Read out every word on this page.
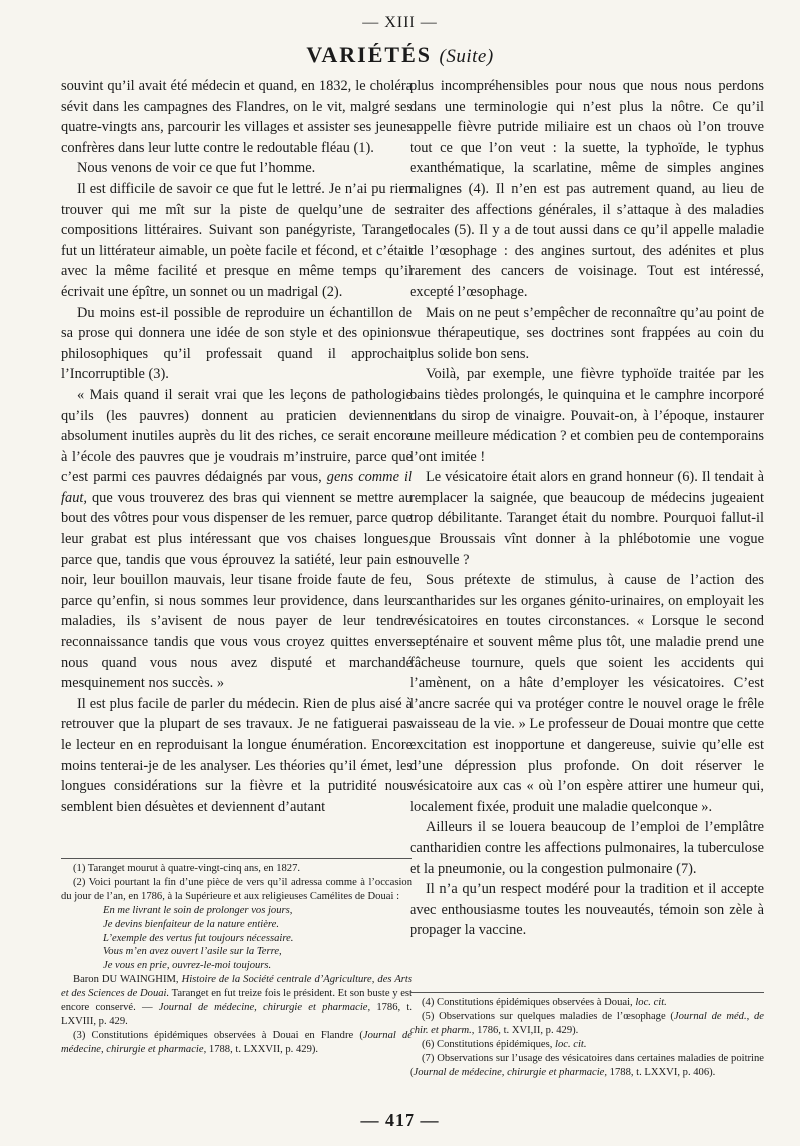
— XIII —
VARIÉTÉS (Suite)

souvint qu’il avait été médecin et quand, en 1832, le choléra sévit dans les campagnes des Flandres, on le vit, malgré ses quatre-vingts ans, parcourir les villages et assister ses jeunes confrères dans leur lutte contre le redoutable fléau (1).

Nous venons de voir ce que fut l’homme.

Il est difficile de savoir ce que fut le lettré. Je n’ai pu rien trouver qui me mît sur la piste de quelqu’une de ses compositions littéraires. Suivant son panégyriste, Taranget fut un littérateur aimable, un poète facile et fécond, et c’était avec la même facilité et presque en même temps qu’il écrivait une épître, un sonnet ou un madrigal (2).

Du moins est-il possible de reproduire un échantillon de sa prose qui donnera une idée de son style et des opinions philosophiques qu’il professait quand il approchait l’Incorruptible (3).

« Mais quand il serait vrai que les leçons de pathologie qu’ils (les pauvres) donnent au praticien deviennent absolument inutiles auprès du lit des riches, ce serait encore à l’école des pauvres que je voudrais m’instruire, parce que c’est parmi ces pauvres dédaignés par vous, gens comme il faut, que vous trouverez des bras qui viennent se mettre au bout des vôtres pour vous dispenser de les remuer, parce que leur grabat est plus intéressant que vos chaises longues, parce que, tandis que vous éprouvez la satiété, leur pain est noir, leur bouillon mauvais, leur tisane froide faute de feu, parce qu’enfin, si nous sommes leur providence, dans leurs maladies, ils s’avisent de nous payer de leur tendre reconnaissance tandis que vous vous croyez quittes envers nous quand vous nous avez disputé et marchandé mesquinement nos succès. »

Il est plus facile de parler du médecin. Rien de plus aisé à retrouver que la plupart de ses travaux. Je ne fatiguerai pas le lecteur en en reproduisant la longue énumération. Encore moins tenterai-je de les analyser. Les théories qu’il émet, les longues considérations sur la fièvre et la putridité nous semblent bien désuètes et deviennent d’autant

plus incompréhensibles pour nous que nous nous perdons dans une terminologie qui n’est plus la nôtre. Ce qu’il appelle fièvre putride miliaire est un chaos où l’on trouve tout ce que l’on veut : la suette, la typhoïde, le typhus exanthématique, la scarlatine, même de simples angines malignes (4). Il n’en est pas autrement quand, au lieu de traiter des affections générales, il s’attaque à des maladies locales (5). Il y a de tout aussi dans ce qu’il appelle maladie de l’œsophage : des angines surtout, des adénites et plus rarement des cancers de voisinage. Tout est intéressé, excepté l’œsophage.

Mais on ne peut s’empêcher de reconnaître qu’au point de vue thérapeutique, ses doctrines sont frappées au coin du plus solide bon sens.

Voilà, par exemple, une fièvre typhoïde traitée par les bains tièdes prolongés, le quinquina et le camphre incorporé dans du sirop de vinaigre. Pouvait-on, à l’époque, instaurer une meilleure médication ? et combien peu de contemporains l’ont imitée !

Le vésicatoire était alors en grand honneur (6). Il tendait à remplacer la saignée, que beaucoup de médecins jugeaient trop débilitante. Taranget était du nombre. Pourquoi fallut-il que Broussais vînt donner à la phlébotomie une vogue nouvelle ?

Sous prétexte de stimulus, à cause de l’action des cantharides sur les organes génito-urinaires, on employait les vésicatoires en toutes circonstances. « Lorsque le second septénaire et souvent même plus tôt, une maladie prend une fâcheuse tournure, quels que soient les accidents qui l’amènent, on a hâte d’employer les vésicatoires. C’est l’ancre sacrée qui va protéger contre le nouvel orage le frêle vaisseau de la vie. » Le professeur de Douai montre que cette excitation est inopportune et dangereuse, suivie qu’elle est d’une dépression plus profonde. On doit réserver le vésicatoire aux cas « où l’on espère attirer une humeur qui, localement fixée, produit une maladie quelconque ».

Ailleurs il se louera beaucoup de l’emploi de l’emplâtre cantharidien contre les affections pulmonaires, la tuberculose et la pneumonie, ou la congestion pulmonaire (7).

Il n’a qu’un respect modéré pour la tradition et il accepte avec enthousiasme toutes les nouveautés, témoin son zèle à propager la vaccine.

(1) Taranget mourut à quatre-vingt-cinq ans, en 1827.

(2) Voici pourtant la fin d’une pièce de vers qu’il adressa comme à l’occasion du jour de l’an, en 1786, à la Supérieure et aux religieuses Camélites de Douai :

En me livrant le soin de prolonger vos jours,
Je devins bienfaiteur de la nature entière.
L’exemple des vertus fut toujours nécessaire.
Vous m’en avez ouvert l’asile sur la Terre,
Je vous en prie, ouvrez-le-moi toujours.

Baron DU WAINGHIM, Histoire de la Société centrale d’Agriculture, des Arts et des Sciences de Douai. Taranget en fut treize fois le président. Et son buste y est encore conservé. — Journal de médecine, chirurgie et pharmacie, 1786, t. LXVIII, p. 429.

(3) Constitutions épidémiques observées à Douai en Flandre (Journal de médecine, chirurgie et pharmacie, 1788, t. LXXVII, p. 429).

(4) Constitutions épidémiques observées à Douai, loc. cit.

(5) Observations sur quelques maladies de l’œsophage (Journal de méd., de chir. et pharm., 1786, t. XVI,II, p. 429).

(6) Constitutions épidémiques, loc. cit.

(7) Observations sur l’usage des vésicatoires dans certaines maladies de poitrine (Journal de médecine, chirurgie et pharmacie, 1788, t. LXXVI, p. 406).

— 417 —
